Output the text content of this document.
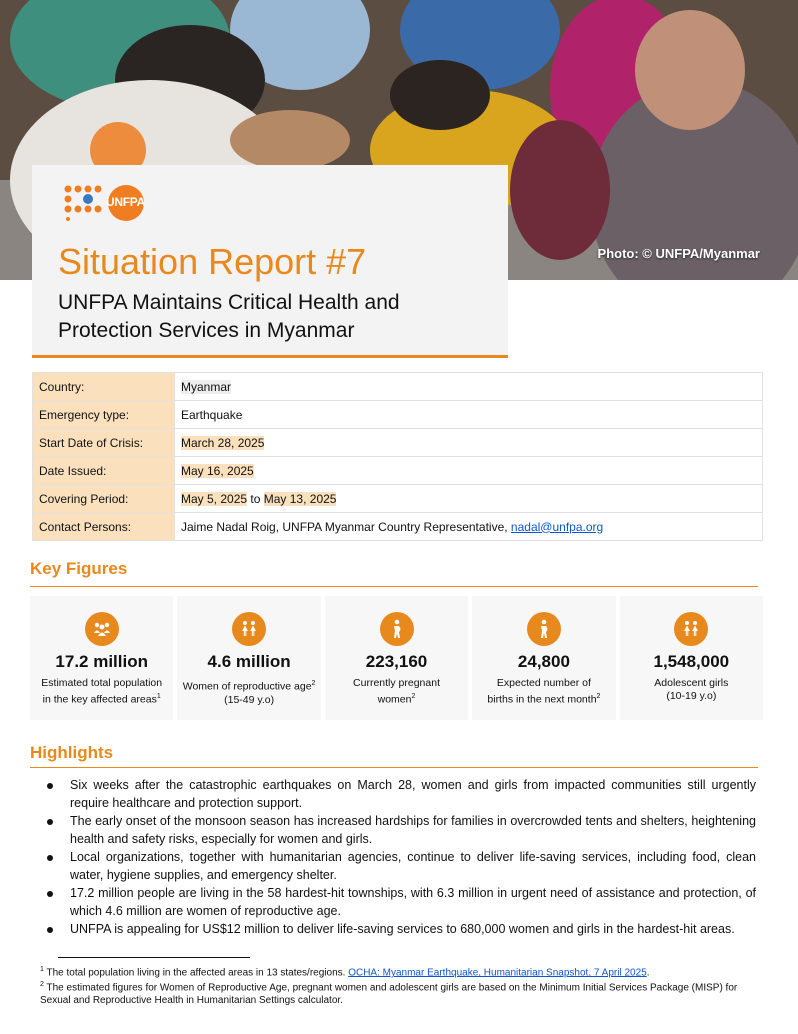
Photo: © UNFPA/Myanmar
UNFPA
Situation Report #7

UNFPA Maintains Critical Health and Protection Services in Myanmar

Country:	Myanmar
Emergency type:	Earthquake
Start Date of Crisis:	March 28, 2025
Date Issued:	May 16, 2025
Covering Period:	May 5, 2025 to May 13, 2025
Contact Persons:	Jaime Nadal Roig, UNFPA Myanmar Country Representative, nadal@unfpa.org
Key Figures
17.2 million
Estimated total population
in the key affected areas$^1$
4.6 million
Women of reproductive age$^2$
(15-49 y.o)
223,160
Currently pregnant
women$^2$
24,800
Expected number of
births in the next month$^2$
1,548,000
Adolescent girls
(10-19 y.o)
Highlights
Six weeks after the catastrophic earthquakes on March 28, women and girls from impacted communities still urgently require healthcare and protection support.
The early onset of the monsoon season has increased hardships for families in overcrowded tents and shelters, heightening health and safety risks, especially for women and girls.
Local organizations, together with humanitarian agencies, continue to deliver life-saving services, including food, clean water, hygiene supplies, and emergency shelter.
17.2 million people are living in the 58 hardest-hit townships, with 6.3 million in urgent need of assistance and protection, of which 4.6 million are women of reproductive age.
UNFPA is appealing for US$12 million to deliver life-saving services to 680,000 women and girls in the hardest-hit areas.

$^1$ The total population living in the affected areas in 13 states/regions. OCHA: Myanmar Earthquake, Humanitarian Snapshot, 7 April 2025.

$^2$ The estimated figures for Women of Reproductive Age, pregnant women and adolescent girls are based on the Minimum Initial Services Package (MISP) for Sexual and Reproductive Health in Humanitarian Settings calculator.
